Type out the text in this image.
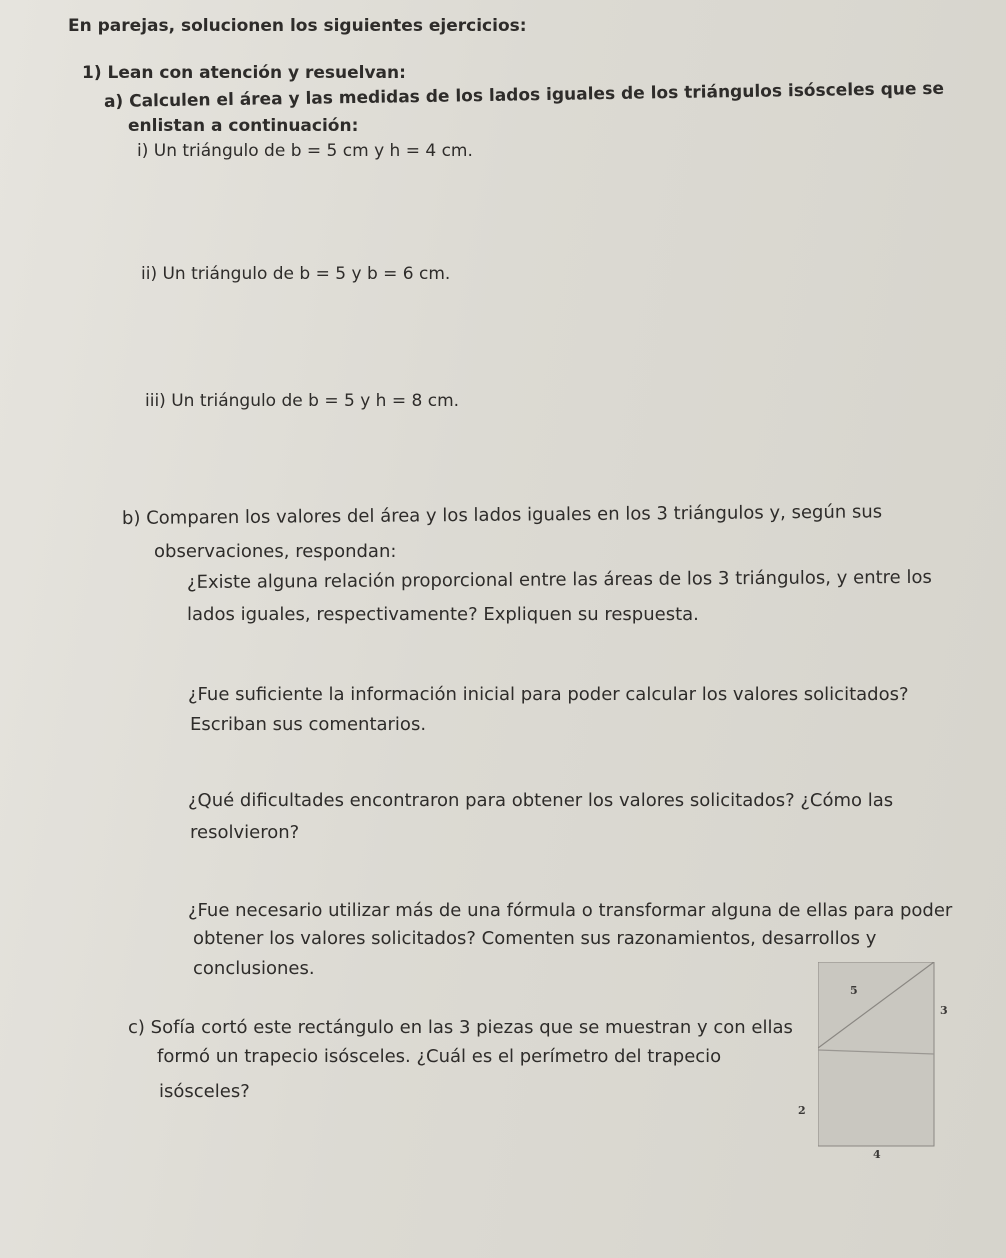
En parejas, solucionen los siguientes ejercicios:
1) Lean con atención y resuelvan:
a) Calculen el área y las medidas de los lados iguales de los triángulos isósceles que se
enlistan a continuación:
i) Un triángulo de b = 5 cm y h = 4 cm.
ii) Un triángulo de b = 5 y b = 6 cm.
iii) Un triángulo de b = 5 y h = 8 cm.
b) Comparen los valores del área y los lados iguales en los 3 triángulos y, según sus
observaciones, respondan:
¿Existe alguna relación proporcional entre las áreas de los 3 triángulos, y entre los
lados iguales, respectivamente? Expliquen su respuesta.
¿Fue suficiente la información inicial para poder calcular los valores solicitados?
Escriban sus comentarios.
¿Qué dificultades encontraron para obtener los valores solicitados? ¿Cómo las
resolvieron?
¿Fue necesario utilizar más de una fórmula o transformar alguna de ellas para poder
obtener los valores solicitados? Comenten sus razonamientos, desarrollos y
conclusiones.
c) Sofía cortó este rectángulo en las 3 piezas que se muestran y con ellas
formó un trapecio isósceles. ¿Cuál es el perímetro del trapecio
isósceles?
5
3
2
4
